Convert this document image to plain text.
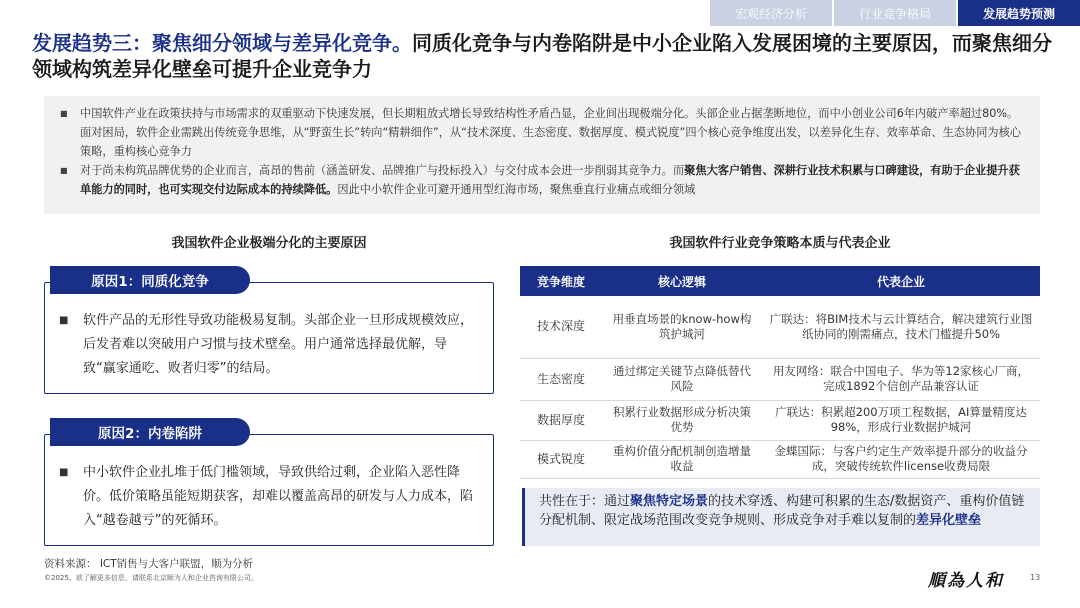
宏观经济分析	行业竞争格局	发展趋势预测
发展趋势三：聚焦细分领域与差异化竞争。同质化竞争与内卷陷阱是中小企业陷入发展困境的主要原因，而聚焦细分领域构筑差异化壁垒可提升企业竞争力
■ 中国软件产业在政策扶持与市场需求的双重驱动下快速发展，但长期粗放式增长导致结构性矛盾凸显，企业间出现极端分化。头部企业占据垄断地位，而中小创业公司6年内破产率超过80%。面对困局，软件企业需跳出传统竞争思维，从“野蛮生长”转向“精耕细作”，从“技术深度、生态密度、数据厚度、模式锐度”四个核心竞争维度出发，以差异化生存、效率革命、生态协同为核心策略，重构核心竞争力
■ 对于尚未构筑品牌优势的企业而言，高昂的售前（涵盖研发、品牌推广与投标投入）与交付成本会进一步削弱其竞争力。而聚焦大客户销售、深耕行业技术积累与口碑建设，有助于企业提升获单能力的同时，也可实现交付边际成本的持续降低。因此中小软件企业可避开通用型红海市场，聚焦垂直行业痛点或细分领域
我国软件企业极端分化的主要原因
原因1：同质化竞争
■ 软件产品的无形性导致功能极易复制。头部企业一旦形成规模效应，后发者难以突破用户习惯与技术壁垒。用户通常选择最优解，导致“赢家通吃、败者归零”的结局。
原因2：内卷陷阱
■ 中小软件企业扎堆于低门槛领域，导致供给过剩，企业陷入恶性降价。低价策略虽能短期获客，却难以覆盖高昂的研发与人力成本，陷入“越卷越亏”的死循环。
我国软件行业竞争策略本质与代表企业
竞争维度	核心逻辑	代表企业
技术深度	用垂直场景的know-how构筑护城河	广联达：将BIM技术与云计算结合，解决建筑行业图纸协同的刚需痛点，技术门槛提升50%
生态密度	通过绑定关键节点降低替代风险	用友网络：联合中国电子、华为等12家核心厂商，完成1892个信创产品兼容认证
数据厚度	积累行业数据形成分析决策优势	广联达：积累超200万项工程数据，AI算量精度达98%，形成行业数据护城河
模式锐度	重构价值分配机制创造增量收益	金蝶国际：与客户约定生产效率提升部分的收益分成，突破传统软件license收费局限
共性在于：通过聚焦特定场景的技术穿透、构建可积累的生态/数据资产、重构价值链分配机制、限定战场范围改变竞争规则、形成竞争对手难以复制的差异化壁垒
资料来源： ICT销售与大客户联盟，顺为分析
©2025。欲了解更多信息，请联系北京顺为人和企业咨询有限公司。	順為人和	13
